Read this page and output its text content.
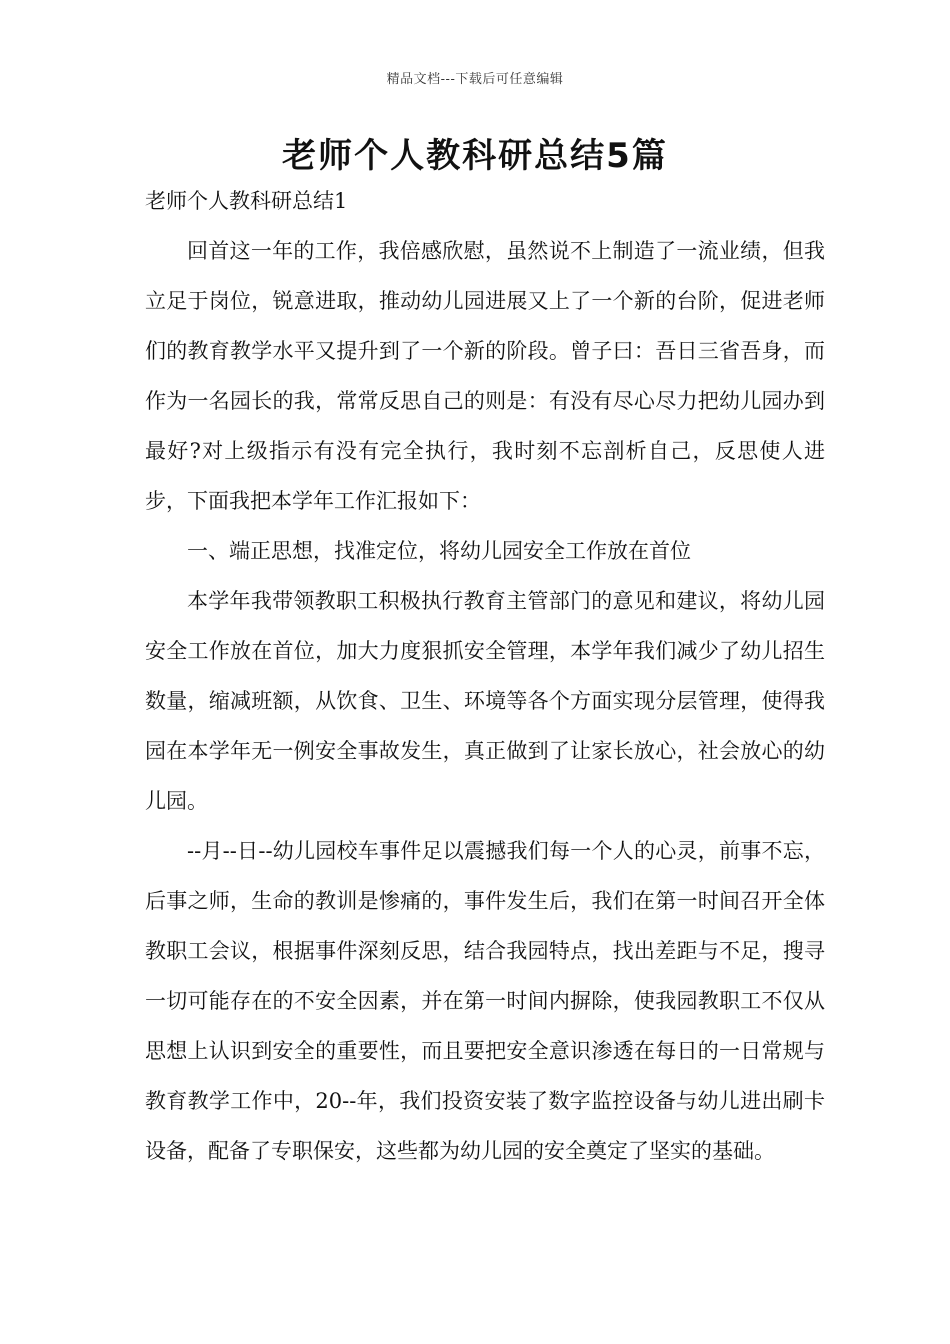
精品文档---下载后可任意编辑
老师个人教科研总结5篇
老师个人教科研总结1

回首这一年的工作，我倍感欣慰，虽然说不上制造了一流业绩，但我立足于岗位，锐意进取，推动幼儿园进展又上了一个新的台阶，促进老师们的教育教学水平又提升到了一个新的阶段。曾子曰：吾日三省吾身，而作为一名园长的我，常常反思自己的则是：有没有尽心尽力把幼儿园办到最好?对上级指示有没有完全执行，我时刻不忘剖析自己，反思使人进步，下面我把本学年工作汇报如下：

一、端正思想，找准定位，将幼儿园安全工作放在首位

本学年我带领教职工积极执行教育主管部门的意见和建议，将幼儿园安全工作放在首位，加大力度狠抓安全管理，本学年我们减少了幼儿招生数量，缩减班额，从饮食、卫生、环境等各个方面实现分层管理，使得我园在本学年无一例安全事故发生，真正做到了让家长放心，社会放心的幼儿园。

--月--日--幼儿园校车事件足以震撼我们每一个人的心灵，前事不忘，后事之师，生命的教训是惨痛的，事件发生后，我们在第一时间召开全体教职工会议，根据事件深刻反思，结合我园特点，找出差距与不足，搜寻一切可能存在的不安全因素，并在第一时间内摒除，使我园教职工不仅从思想上认识到安全的重要性，而且要把安全意识渗透在每日的一日常规与教育教学工作中，20--年，我们投资安装了数字监控设备与幼儿进出刷卡设备，配备了专职保安，这些都为幼儿园的安全奠定了坚实的基础。
